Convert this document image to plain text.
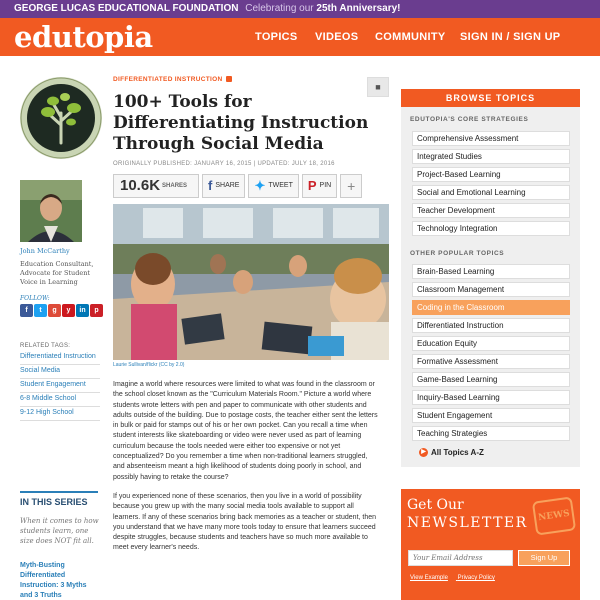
GEORGE LUCAS EDUCATIONAL FOUNDATION Celebrating our 25th Anniversary!
edutopia	TOPICS VIDEOS COMMUNITY SIGN IN / SIGN UP
John McCarthy
Education Consultant, Advocate for Student Voice in Learning
FOLLOW:
f	t	g	y	in	p
RELATED TAGS:
Differentiated Instruction
Social Media
Student Engagement
6-8 Middle School
9-12 High School
IN THIS SERIES
When it comes to how students learn, one size does NOT fit all.
Myth-Busting Differentiated Instruction: 3 Myths and 3 Truths
DIFFERENTIATED INSTRUCTION
■
100+ Tools for Differentiating Instruction Through Social Media
ORIGINALLY PUBLISHED: JANUARY 16, 2015 | UPDATED: JULY 18, 2016
10.6K SHARES	f SHARE ✦ TWEET P PIN	+
Laurie Sullivan/flickr (CC by 2.0)

Imagine a world where resources were limited to what was found in the classroom or the school closet known as the "Curriculum Materials Room." Picture a world where students wrote letters with pen and paper to communicate with other students and adults outside of the building. Due to postage costs, the teacher either sent the letters in bulk or paid for stamps out of his or her own pocket. Can you recall a time when student interests like skateboarding or video were never used as part of learning curriculum because the tools needed were either too expensive or not yet conceptualized? Do you remember a time when non-traditional learners struggled, and absenteeism meant a high likelihood of students doing poorly in school, and possibly having to retake the course?

If you experienced none of these scenarios, then you live in a world of possibility because you grew up with the many social media tools available to support all learners. If any of these scenarios bring back memories as a teacher or student, then you understand that we have many more tools today to ensure that learners succeed despite struggles, because students and teachers have so much more available to meet every learner's needs.

BROWSE TOPICS
EDUTOPIA'S CORE STRATEGIES
Comprehensive Assessment
Integrated Studies
Project-Based Learning
Social and Emotional Learning
Teacher Development
Technology Integration
OTHER POPULAR TOPICS
Brain-Based Learning
Classroom Management
Coding in the Classroom
Differentiated Instruction
Education Equity
Formative Assessment
Game-Based Learning
Inquiry-Based Learning
Student Engagement
Teaching Strategies
▶ All Topics A-Z
Get Our
NEWSLETTER	NEWS
Your Email Address
Sign Up
View Example Privacy Policy
